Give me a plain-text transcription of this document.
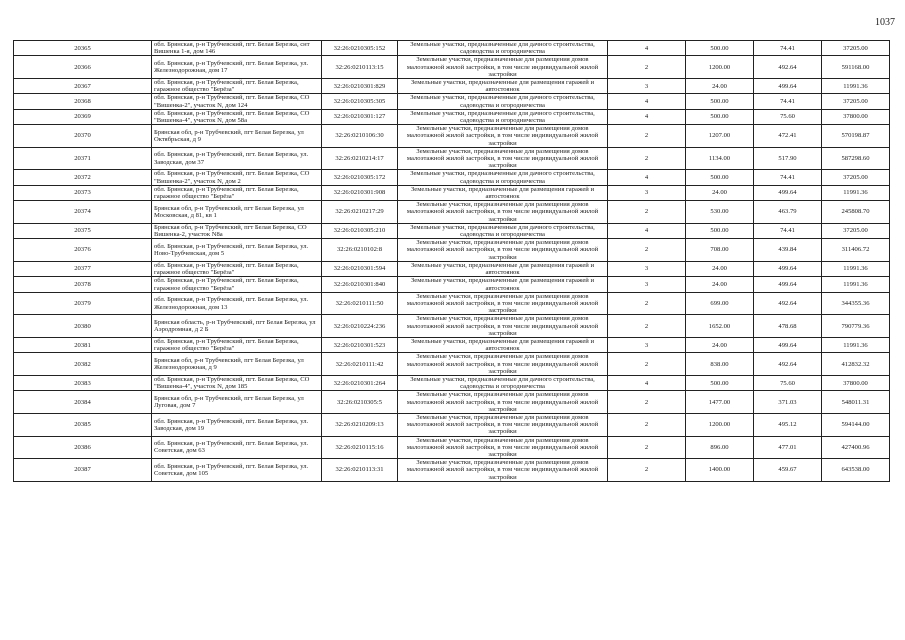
1037
20365	обл. Брянская, р-н Трубчевский, пгт. Белая Березка, снт Вишенка 1-я, дом 146	32:26:0210305:152	Земельные участки, предназначенные для дачного строительства, садоводства и огородничества	4	500.00	74.41	37205.00
20366	обл. Брянская, р-н Трубчевский, пгт. Белая Березка, ул. Железнодорожная, дом 17	32:26:0210113:15	Земельные участки, предназначенные для размещения домов малоэтажной жилой застройки, в том числе индивидуальной жилой застройки	2	1200.00	492.64	591168.00
20367	обл. Брянская, р-н Трубчевский, пгт. Белая Березка, гаражное общество "Берёза"	32:26:0210301:829	Земельные участки, предназначенные для размещения гаражей и автостоянок	3	24.00	499.64	11991.36
20368	обл. Брянская, р-н Трубчевский, пгт. Белая Березка, СО "Вишенка-2", участок N, дом 124	32:26:0210305:305	Земельные участки, предназначенные для дачного строительства, садоводства и огородничества	4	500.00	74.41	37205.00
20369	обл. Брянская, р-н Трубчевский, пгт. Белая Березка, СО "Вишенка-4", участок N, дом 58а	32:26:0210301:127	Земельные участки, предназначенные для дачного строительства, садоводства и огородничества	4	500.00	75.60	37800.00
20370	Брянская обл, р-н Трубчевский, пгт Белая Березка, ул Октябрьская, д 9	32:26:0210106:30	Земельные участки, предназначенные для размещения домов малоэтажной жилой застройки, в том числе индивидуальной жилой застройки	2	1207.00	472.41	570198.87
20371	обл. Брянская, р-н Трубчевский, пгт. Белая Березка, ул. Заводская, дом 37	32:26:0210214:17	Земельные участки, предназначенные для размещения домов малоэтажной жилой застройки, в том числе индивидуальной жилой застройки	2	1134.00	517.90	587298.60
20372	обл. Брянская, р-н Трубчевский, пгт. Белая Березка, СО "Вишенка-2", участок N, дом 2	32:26:0210305:172	Земельные участки, предназначенные для дачного строительства, садоводства и огородничества	4	500.00	74.41	37205.00
20373	обл. Брянская, р-н Трубчевский, пгт. Белая Березка, гаражное общество "Берёза"	32:26:0210301:908	Земельные участки, предназначенные для размещения гаражей и автостоянок	3	24.00	499.64	11991.36
20374	Брянская обл, р-н Трубчевский, пгт Белая Березка, ул Московская, д 81, кв 1	32:26:0210217:29	Земельные участки, предназначенные для размещения домов малоэтажной жилой застройки, в том числе индивидуальной жилой застройки	2	530.00	463.79	245808.70
20375	Брянская обл, р-н Трубчевский, пгт Белая Березка, СО Вишенка-2, участок N8а	32:26:0210305:210	Земельные участки, предназначенные для дачного строительства, садоводства и огородничества	4	500.00	74.41	37205.00
20376	обл. Брянская, р-н Трубчевский, пгт. Белая Березка, ул. Ново-Трубчевская, дом 5	32:26:0210102:8	Земельные участки, предназначенные для размещения домов малоэтажной жилой застройки, в том числе индивидуальной жилой застройки	2	708.00	439.84	311406.72
20377	обл. Брянская, р-н Трубчевский, пгт. Белая Березка, гаражное общество "Берёза"	32:26:0210301:594	Земельные участки, предназначенные для размещения гаражей и автостоянок	3	24.00	499.64	11991.36
20378	обл. Брянская, р-н Трубчевский, пгт. Белая Березка, гаражное общество "Берёза"	32:26:0210301:840	Земельные участки, предназначенные для размещения гаражей и автостоянок	3	24.00	499.64	11991.36
20379	обл. Брянская, р-н Трубчевский, пгт. Белая Березка, ул. Железнодорожная, дом 13	32:26:0210111:50	Земельные участки, предназначенные для размещения домов малоэтажной жилой застройки, в том числе индивидуальной жилой застройки	2	699.00	492.64	344355.36
20380	Брянская область, р-н Трубчевский, пгт Белая Березка, ул Аэродромная, д 2 Б	32:26:0210224:236	Земельные участки, предназначенные для размещения домов малоэтажной жилой застройки, в том числе индивидуальной жилой застройки	2	1652.00	478.68	790779.36
20381	обл. Брянская, р-н Трубчевский, пгт. Белая Березка, гаражное общество "Берёза"	32:26:0210301:523	Земельные участки, предназначенные для размещения гаражей и автостоянок	3	24.00	499.64	11991.36
20382	Брянская обл, р-н Трубчевский, пгт Белая Березка, ул Железнодорожная, д 9	32:26:0210111:42	Земельные участки, предназначенные для размещения домов малоэтажной жилой застройки, в том числе индивидуальной жилой застройки	2	838.00	492.64	412832.32
20383	обл. Брянская, р-н Трубчевский, пгт. Белая Березка, СО "Вишенка-4", участок N, дом 185	32:26:0210301:264	Земельные участки, предназначенные для дачного строительства, садоводства и огородничества	4	500.00	75.60	37800.00
20384	Брянская обл, р-н Трубчевский, пгт Белая Березка, ул Луговая, дом 7	32:26:0210305:5	Земельные участки, предназначенные для размещения домов малоэтажной жилой застройки, в том числе индивидуальной жилой застройки	2	1477.00	371.03	548011.31
20385	обл. Брянская, р-н Трубчевский, пгт. Белая Березка, ул. Заводская, дом 19	32:26:0210209:13	Земельные участки, предназначенные для размещения домов малоэтажной жилой застройки, в том числе индивидуальной жилой застройки	2	1200.00	495.12	594144.00
20386	обл. Брянская, р-н Трубчевский, пгт. Белая Березка, ул. Советская, дом 63	32:26:0210115:16	Земельные участки, предназначенные для размещения домов малоэтажной жилой застройки, в том числе индивидуальной жилой застройки	2	896.00	477.01	427400.96
20387	обл. Брянская, р-н Трубчевский, пгт. Белая Березка, ул. Советская, дом 105	32:26:0210113:31	Земельные участки, предназначенные для размещения домов малоэтажной жилой застройки, в том числе индивидуальной жилой застройки	2	1400.00	459.67	643538.00
